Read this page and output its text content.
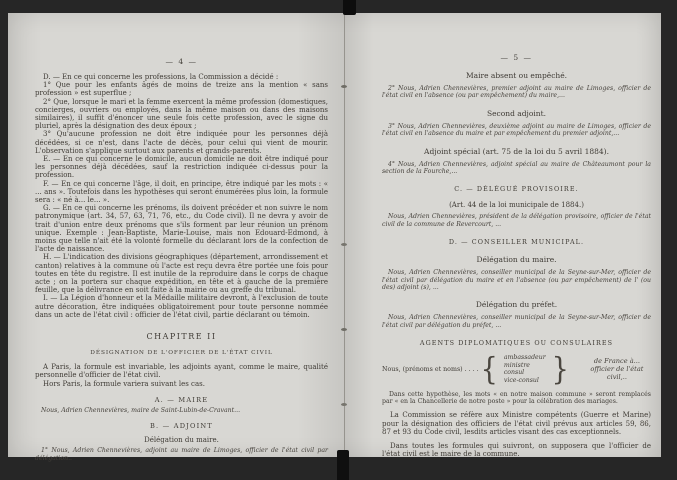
— 4 —

D. — En ce qui concerne les professions, la Commission a décidé :

1° Que pour les enfants âgés de moins de treize ans la mention « sans profession » est superflue ;

2° Que, lorsque le mari et la femme exercent la même profession (domestiques, concierges, ouvriers ou employés, dans la même maison ou dans des maisons similaires), il suffit d'énoncer une seule fois cette profession, avec le signe du pluriel, après la désignation des deux époux ;

3° Qu'aucune profession ne doit être indiquée pour les personnes déjà décédées, si ce n'est, dans l'acte de décès, pour celui qui vient de mourir. L'observation s'applique surtout aux parents et grands-parents.

E. — En ce qui concerne le domicile, aucun domicile ne doit être indiqué pour les personnes déjà décédées, sauf la restriction indiquée ci-dessus pour la profession.

F. — En ce qui concerne l'âge, il doit, en principe, être indiqué par les mots : « ... ans ». Toutefois dans les hypothèses qui seront énumérées plus loin, la formule sera : « né à... le... ».

G. — En ce qui concerne les prénoms, ils doivent précéder et non suivre le nom patronymique (art. 34, 57, 63, 71, 76, etc., du Code civil). Il ne devra y avoir de trait d'union entre deux prénoms que s'ils forment par leur réunion un prénom unique. Exemple : Jean-Baptiste, Marie-Louise, mais non Edouard-Edmond, à moins que telle n'ait été la volonté formelle du déclarant lors de la confection de l'acte de naissance.

H. — L'indication des divisions géographiques (département, arrondissement et canton) relatives à la commune où l'acte est reçu devra être portée une fois pour toutes en tête du registre. Il est inutile de la reproduire dans le corps de chaque acte ; on la portera sur chaque expédition, en tête et à gauche de la première feuille, que la délivrance en soit faite à la mairie ou au greffe du tribunal.

I. — La Légion d'honneur et la Médaille militaire devront, à l'exclusion de toute autre décoration, être indiquées obligatoirement pour toute personne nommée dans un acte de l'état civil : officier de l'état civil, partie déclarant ou témoin.

CHAPITRE II
DÉSIGNATION DE L'OFFICIER DE L'ÉTAT CIVIL

A Paris, la formule est invariable, les adjoints ayant, comme le maire, qualité personnelle d'officier de l'état civil.

Hors Paris, la formule variera suivant les cas.

A. — MAIRE

Nous, Adrien Chennevières, maire de Saint-Lubin-de-Cravant...

B. — ADJOINT
Délégation du maire.

1° Nous, Adrien Chennevières, adjoint au maire de Limoges, officier de l'état civil par délégation..

— 5 —
Maire absent ou empêché.

2° Nous, Adrien Chennevières, premier adjoint au maire de Limoges, officier de l'état civil en l'absence (ou par empêchement) du maire,...

Second adjoint.

3° Nous, Adrien Chennevières, deuxième adjoint au maire de Limoges, officier de l'état civil en l'absence du maire et par empêchement du premier adjoint,...

Adjoint spécial (art. 75 de la loi du 5 avril 1884).

4° Nous, Adrien Chennevières, adjoint spécial au maire de Châteaumont pour la section de la Fourche,...

C. — DÉLÉGUÉ PROVISOIRE.
(Art. 44 de la loi municipale de 1884.)

Nous, Adrien Chennevières, président de la délégation provisoire, officier de l'état civil de la commune de Revercourt, ...

D. — CONSEILLER MUNICIPAL.
Délégation du maire.

Nous, Adrien Chennevières, conseiller municipal de la Seyne-sur-Mer, officier de l'état civil par délégation du maire et en l'absence (ou par empêchement) de l' (ou des) adjoint (s), ...

Délégation du préfet.

Nous, Adrien Chennevières, conseiller municipal de la Seyne-sur-Mer, officier de l'état civil par délégation du préfet, ...

AGENTS DIPLOMATIQUES OU CONSULAIRES
Nous, (prénoms et noms) . . . . { ambassadeur
ministre
consul
vice-consul }	de France à... officier de l'état civil,..

Dans cette hypothèse, les mots « en notre maison commune » seront remplacés par « en la Chancellerie de notre poste » pour la célébration des mariages.

La Commission se réfère aux Ministre compétents (Guerre et Marine) pour la désignation des officiers de l'état civil prévus aux articles 59, 86, 87 et 93 du Code civil, lesdits articles visant des cas exceptionnels.

Dans toutes les formules qui suivront, on supposera que l'officier de l'état civil est le maire de la commune.
